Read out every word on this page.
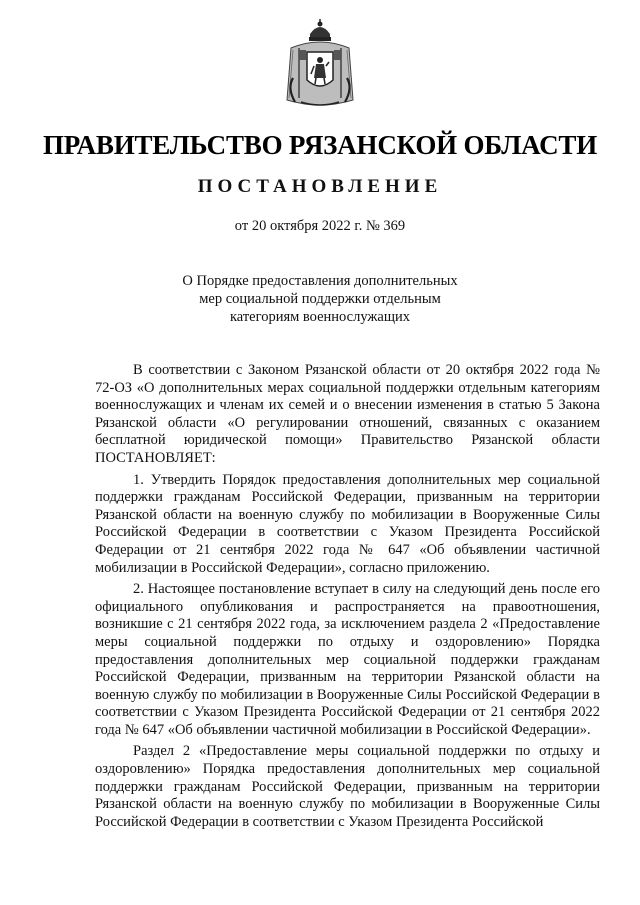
ПРАВИТЕЛЬСТВО РЯЗАНСКОЙ ОБЛАСТИ
ПОСТАНОВЛЕНИЕ
от 20 октября 2022 г. № 369
О Порядке предоставления дополнительных
мер социальной поддержки отдельным
категориям военнослужащих

В соответствии с Законом Рязанской области от 20 октября 2022 года № 72-ОЗ «О дополнительных мерах социальной поддержки отдельным категориям военнослужащих и членам их семей и о внесении изменения в статью 5 Закона Рязанской области «О регулировании отношений, связанных с оказанием бесплатной юридической помощи» Правительство Рязанской области ПОСТАНОВЛЯЕТ:

1. Утвердить Порядок предоставления дополнительных мер социальной поддержки гражданам Российской Федерации, призванным на территории Рязанской области на военную службу по мобилизации в Вооруженные Силы Российской Федерации в соответствии с Указом Президента Российской Федерации от 21 сентября 2022 года № 647 «Об объявлении частичной мобилизации в Российской Федерации», согласно приложению.

2. Настоящее постановление вступает в силу на следующий день после его официального опубликования и распространяется на правоотношения, возникшие с 21 сентября 2022 года, за исключением раздела 2 «Предоставление меры социальной поддержки по отдыху и оздоровлению» Порядка предоставления дополнительных мер социальной поддержки гражданам Российской Федерации, призванным на территории Рязанской области на военную службу по мобилизации в Вооруженные Силы Российской Федерации в соответствии с Указом Президента Российской Федерации от 21 сентября 2022 года № 647 «Об объявлении частичной мобилизации в Российской Федерации».

Раздел 2 «Предоставление меры социальной поддержки по отдыху и оздоровлению» Порядка предоставления дополнительных мер социальной поддержки гражданам Российской Федерации, призванным на территории Рязанской области на военную службу по мобилизации в Вооруженные Силы Российской Федерации в соответствии с Указом Президента Российской
